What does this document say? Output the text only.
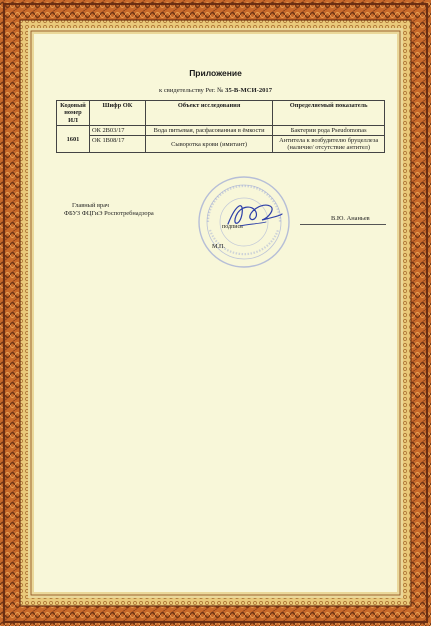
Приложение
к свидетельству Рег. № 35-В-МСИ-2017
Кодовый номер ИЛ	Шифр ОК	Объект исследования	Определяемый показатель
1601	ОК 2В03/17	Вода питьевая, расфасованная в ёмкости	Бактерии рода Pseudomonas
	ОК 1В08/17	Сыворотка крови (имитант)	Антитела к возбудителю бруцеллеза (наличие/ отсутствие антител)
Главный врач
ФБУЗ ФЦГиЭ Роспотребнадзора
В.Ю. Ананьев
подпись
М.П.
